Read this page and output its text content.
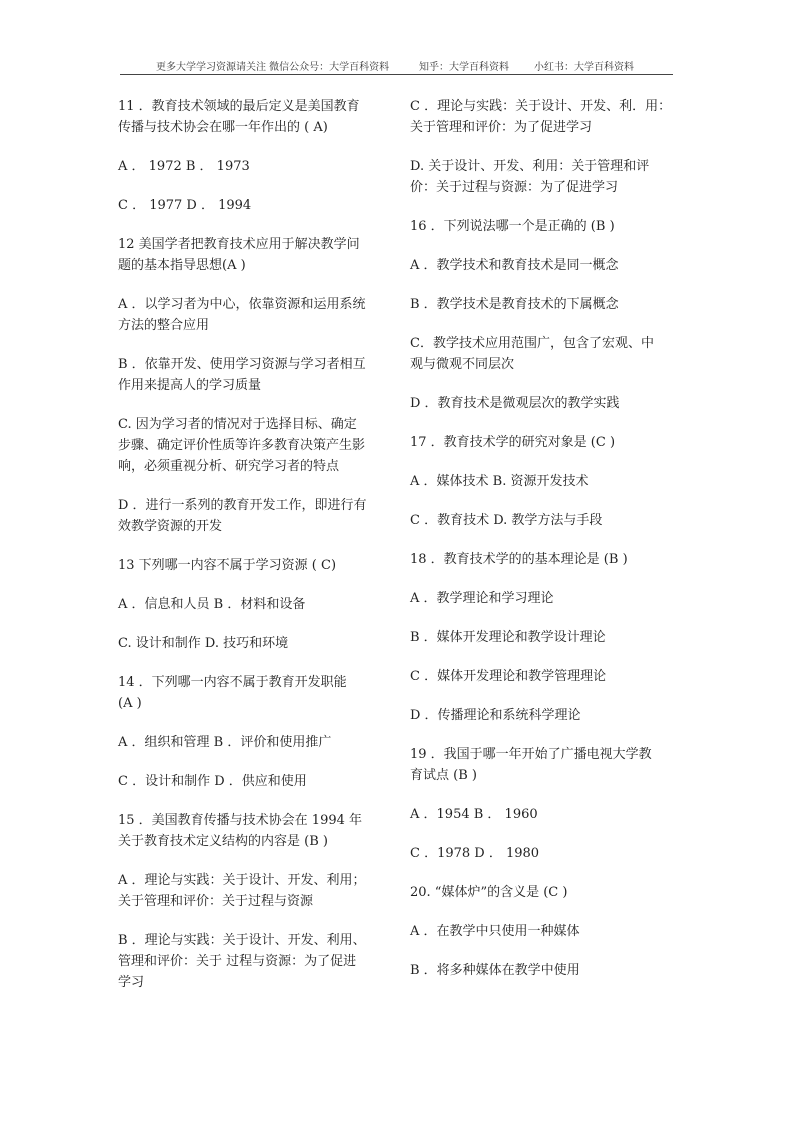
更多大学学习资源请关注 微信公众号：大学百科资料	知乎：大学百科资料	小红书：大学百科资料

11 ．教育技术领域的最后定义是美国教育
传播与技术协会在哪一年作出的 ( A)

A ． 1972 B ． 1973

C ． 1977 D ． 1994

12 美国学者把教育技术应用于解决教学问
题的基本指导思想(A )

A ．以学习者为中心，依靠资源和运用系统
方法的整合应用

B ．依靠开发、使用学习资源与学习者相互
作用来提高人的学习质量

C. 因为学习者的情况对于选择目标、确定
步骤、确定评价性质等许多教育决策产生影
响，必须重视分析、研究学习者的特点

D ．进行一系列的教育开发工作，即进行有
效教学资源的开发

13 下列哪一内容不属于学习资源 ( C)

A ．信息和人员 B ．材料和设备

C. 设计和制作 D. 技巧和环境

14 ．下列哪一内容不属于教育开发职能
(A )

A ．组织和管理 B ．评价和使用推广

C ．设计和制作 D ．供应和使用

15 ．美国教育传播与技术协会在 1994 年
关于教育技术定义结构的内容是 (B )

A ．理论与实践：关于设计、开发、利用；
关于管理和评价：关于过程与资源

B ．理论与实践：关于设计、开发、利用、
管理和评价：关于 过程与资源：为了促进
学习

C ．理论与实践：关于设计、开发、利．用：
关于管理和评价：为了促进学习

D. 关于设计、开发、利用：关于管理和评
价：关于过程与资源：为了促进学习

16 ．下列说法哪一个是正确的 (B )

A ．教学技术和教育技术是同一概念

B ．教学技术是教育技术的下属概念

C．教学技术应用范围广，包含了宏观、中
观与微观不同层次

D ．教育技术是微观层次的教学实践

17 ．教育技术学的研究对象是 (C )

A ．媒体技术 B. 资源开发技术

C ．教育技术 D. 教学方法与手段

18 ．教育技术学的的基本理论是 (B )

A ．教学理论和学习理论

B ．媒体开发理论和教学设计理论

C ．媒体开发理论和教学管理理论

D ．传播理论和系统科学理论

19 ．我国于哪一年开始了广播电视大学教
育试点 (B )

A ．1954 B ． 1960

C ．1978 D ． 1980

20. “媒体炉”的含义是 (C )

A ．在教学中只使用一种媒体

B ．将多种媒体在教学中使用
